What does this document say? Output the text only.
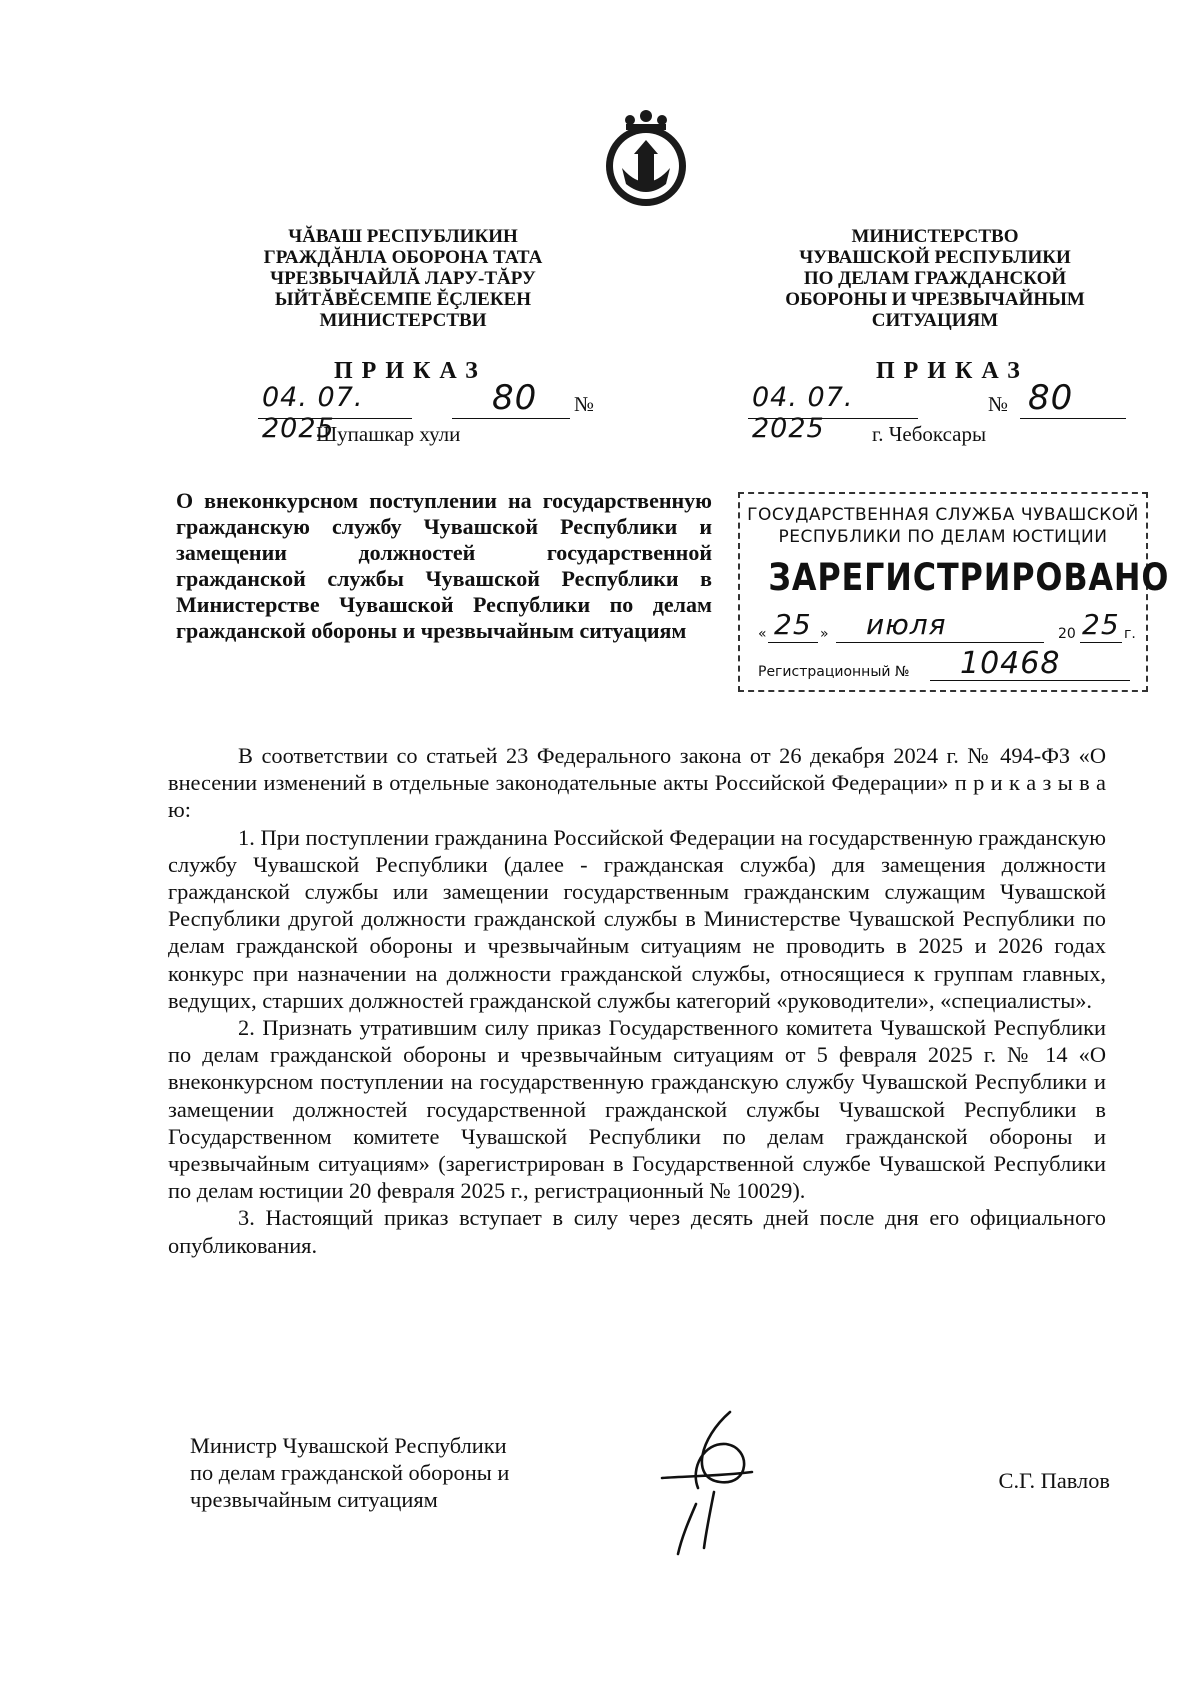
ЧĂВАШ РЕСПУБЛИКИН
ГРАЖДĂНЛА ОБОРОНА ТАТА
ЧРЕЗВЫЧАЙЛĂ ЛАРУ-ТĂРУ
ЫЙТĂВĔСЕМПЕ ĔÇЛЕКЕН
МИНИСТЕРСТВИ
МИНИСТЕРСТВО
ЧУВАШСКОЙ РЕСПУБЛИКИ
ПО ДЕЛАМ ГРАЖДАНСКОЙ
ОБОРОНЫ И ЧРЕЗВЫЧАЙНЫМ
СИТУАЦИЯМ
ПРИКАЗ	ПРИКАЗ
04. 07. 2025
80 №
Шупашкар хули
04. 07. 2025
№ 80
г. Чебоксары
О внеконкурсном поступлении на государственную гражданскую службу Чувашской Республики и замещении должностей государственной гражданской службы Чувашской Республики в Министерстве Чувашской Республики по делам гражданской обороны и чрезвычайным ситуациям
ГОСУДАРСТВЕННАЯ СЛУЖБА ЧУВАШСКОЙ
РЕСПУБЛИКИ ПО ДЕЛАМ ЮСТИЦИИ
ЗАРЕГИСТРИРОВАНО
« 25 » июля	20 25 г.
Регистрационный № 10468

В соответствии со статьей 23 Федерального закона от 26 декабря 2024 г. № 494-ФЗ «О внесении изменений в отдельные законодательные акты Российской Федерации» п р и к а з ы в а ю:

1. При поступлении гражданина Российской Федерации на государственную гражданскую службу Чувашской Республики (далее - гражданская служба) для замещения должности гражданской службы или замещении государственным гражданским служащим Чувашской Республики другой должности гражданской службы в Министерстве Чувашской Республики по делам гражданской обороны и чрезвычайным ситуациям не проводить в 2025 и 2026 годах конкурс при назначении на должности гражданской службы, относящиеся к группам главных, ведущих, старших должностей гражданской службы категорий «руководители», «специалисты».

2. Признать утратившим силу приказ Государственного комитета Чувашской Республики по делам гражданской обороны и чрезвычайным ситуациям от 5 февраля 2025 г. № 14 «О внеконкурсном поступлении на государственную гражданскую службу Чувашской Республики и замещении должностей государственной гражданской службы Чувашской Республики в Государственном комитете Чувашской Республики по делам гражданской обороны и чрезвычайным ситуациям» (зарегистрирован в Государственной службе Чувашской Республики по делам юстиции 20 февраля 2025 г., регистрационный № 10029).

3. Настоящий приказ вступает в силу через десять дней после дня его официального опубликования.

Министр Чувашской Республики
по делам гражданской обороны и
чрезвычайным ситуациям
С.Г. Павлов
